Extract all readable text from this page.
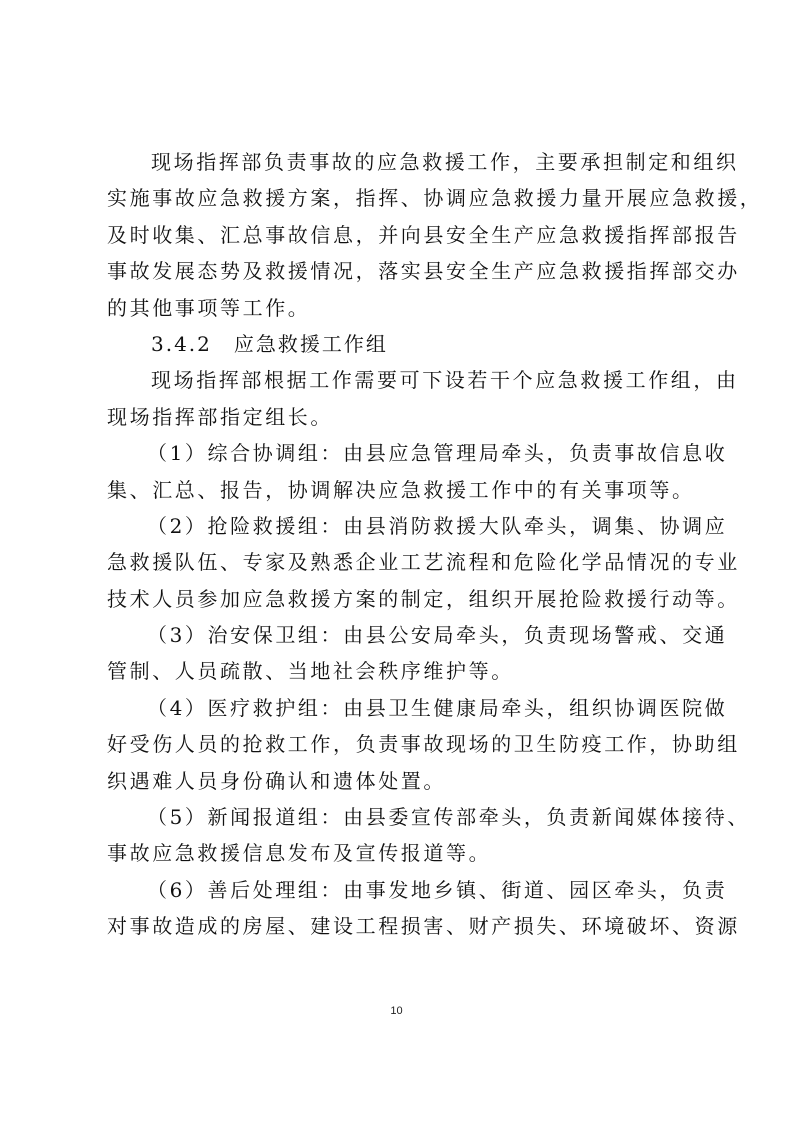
现场指挥部负责事故的应急救援工作，主要承担制定和组织
实施事故应急救援方案，指挥、协调应急救援力量开展应急救援，
及时收集、汇总事故信息，并向县安全生产应急救援指挥部报告
事故发展态势及救援情况，落实县安全生产应急救援指挥部交办
的其他事项等工作。
3.4.2　应急救援工作组
现场指挥部根据工作需要可下设若干个应急救援工作组，由
现场指挥部指定组长。
（1）综合协调组：由县应急管理局牵头，负责事故信息收
集、汇总、报告，协调解决应急救援工作中的有关事项等。
（2）抢险救援组：由县消防救援大队牵头，调集、协调应
急救援队伍、专家及熟悉企业工艺流程和危险化学品情况的专业
技术人员参加应急救援方案的制定，组织开展抢险救援行动等。
（3）治安保卫组：由县公安局牵头，负责现场警戒、交通
管制、人员疏散、当地社会秩序维护等。
（4）医疗救护组：由县卫生健康局牵头，组织协调医院做
好受伤人员的抢救工作，负责事故现场的卫生防疫工作，协助组
织遇难人员身份确认和遗体处置。
（5）新闻报道组：由县委宣传部牵头，负责新闻媒体接待、
事故应急救援信息发布及宣传报道等。
（6）善后处理组：由事发地乡镇、街道、园区牵头，负责
对事故造成的房屋、建设工程损害、财产损失、环境破坏、资源
10
